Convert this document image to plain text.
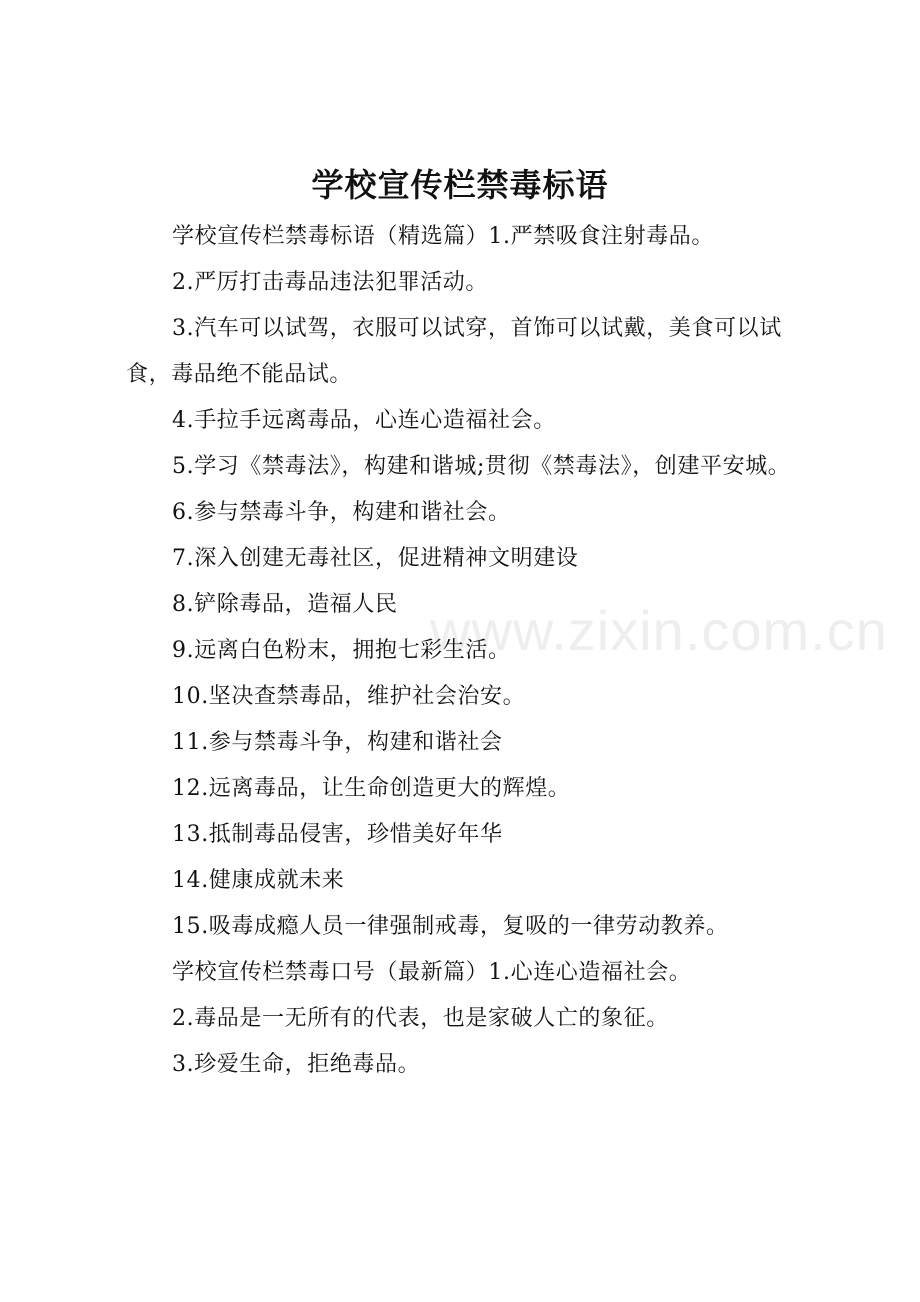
学校宣传栏禁毒标语

学校宣传栏禁毒标语（精选篇）1.严禁吸食注射毒品。

2.严厉打击毒品违法犯罪活动。

3.汽车可以试驾，衣服可以试穿，首饰可以试戴，美食可以试食，毒品绝不能品试。

4.手拉手远离毒品，心连心造福社会。

5.学习《禁毒法》，构建和谐城;贯彻《禁毒法》，创建平安城。

6.参与禁毒斗争，构建和谐社会。

7.深入创建无毒社区，促进精神文明建设

8.铲除毒品，造福人民

9.远离白色粉末，拥抱七彩生活。

10.坚决查禁毒品，维护社会治安。

11.参与禁毒斗争，构建和谐社会

12.远离毒品，让生命创造更大的辉煌。

13.抵制毒品侵害，珍惜美好年华

14.健康成就未来

15.吸毒成瘾人员一律强制戒毒，复吸的一律劳动教养。

学校宣传栏禁毒口号（最新篇）1.心连心造福社会。

2.毒品是一无所有的代表，也是家破人亡的象征。

3.珍爱生命，拒绝毒品。

www.zixin.com.cn
